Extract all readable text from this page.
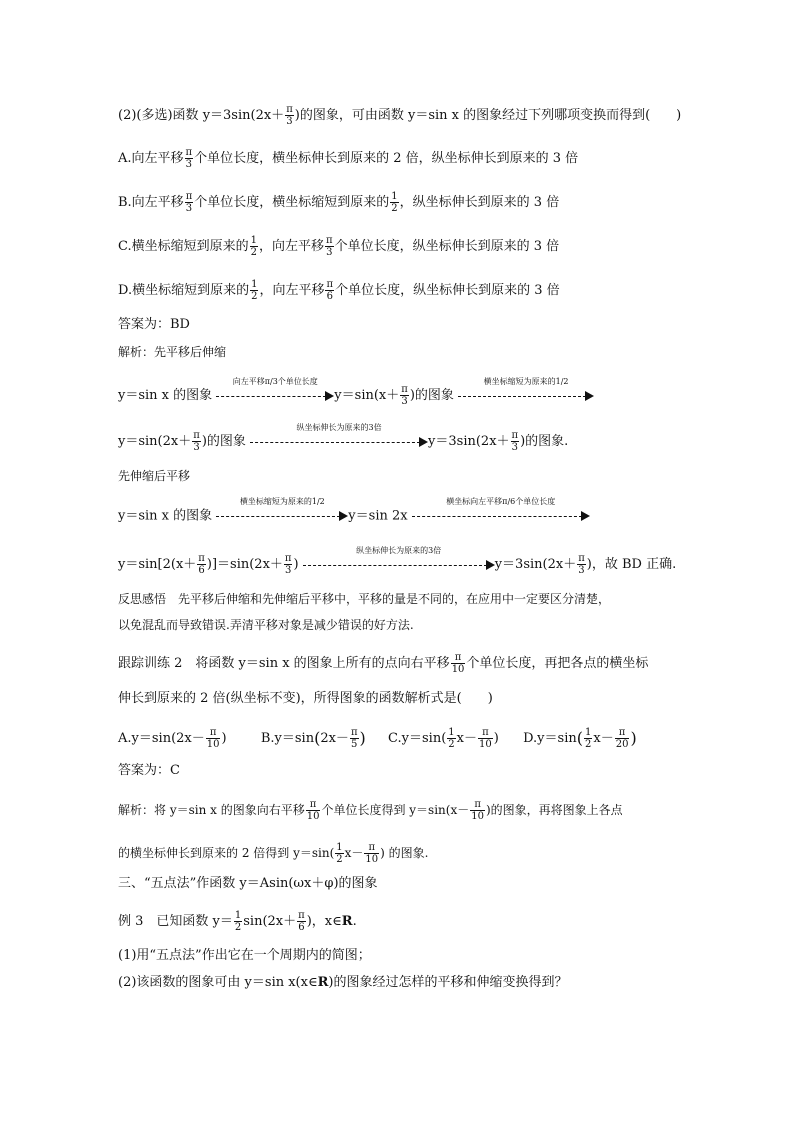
(2)(多选)函数 $y=3\sin(2x+ \frac{\pi}{3}$ )的图象，可由函数 y＝sin x 的图象经过下列哪项变换而得到(　　)
A.向左平移 $\frac{\pi}{3}$ 个单位长度，横坐标伸长到原来的 2 倍，纵坐标伸长到原来的 3 倍
B.向左平移 $\frac{\pi}{3}$ 个单位长度，横坐标缩短到原来的 $\frac{1}{2}$ ，纵坐标伸长到原来的 3 倍
C.横坐标缩短到原来的 $\frac{1}{2}$ ，向左平移 $\frac{\pi}{3}$ 个单位长度，纵坐标伸长到原来的 3 倍
D.横坐标缩短到原来的 $\frac{1}{2}$ ，向左平移 $\frac{\pi}{6}$ 个单位长度，纵坐标伸长到原来的 3 倍
答案为：BD
解析：先平移后伸缩
y＝sin x 的图象
向左平移π/3个单位长度
$y=\sin(x+ \frac{\pi}{3}$ )的图象
横坐标缩短为原来的1/2
$y=\sin(2x+ \frac{\pi}{3}$ )的图象
纵坐标伸长为原来的3倍
$y=3\sin(2x+ \frac{\pi}{3}$ )的图象.
先伸缩后平移
y＝sin x 的图象
横坐标缩短为原来的1/2
y＝sin 2x
横坐标向左平移π/6个单位长度
$y=\sin[2(x+ \frac{\pi}{6} )]=\sin(2x+ \frac{\pi}{3}$ )
纵坐标伸长为原来的3倍
$y=3\sin(2x+ \frac{\pi}{3}$ )，故 BD 正确.
反思感悟　先平移后伸缩和先伸缩后平移中，平移的量是不同的，在应用中一定要区分清楚，
以免混乱而导致错误.弄清平移对象是减少错误的好方法.
跟踪训练 2　将函数 y＝sin x 的图象上所有的点向右平移 $\frac{\pi}{10}$ 个单位长度，再把各点的横坐标
伸长到原来的 2 倍(纵坐标不变)，所得图象的函数解析式是(　　)
$A.y=\sin(2x- \frac{\pi}{10}$ )	$B.y=\sin(2x- \frac{\pi}{5}$ ) $C.y=\sin( \frac{1}{2} x- \frac{\pi}{10}$ ) $D.y=\sin( \frac{1}{2} x- \frac{\pi}{20}$ )
答案为：C
解析：将 y＝sin x 的图象向右平移 $\frac{\pi}{10}$ 个单位长度得到 $y=\sin(x- \frac{\pi}{10}$ )的图象，再将图象上各点
的横坐标伸长到原来的 2 倍得到 $y=\sin( \frac{1}{2} x- \frac{\pi}{10}$ ) 的图象.
三、“五点法”作函数 y＝Asin(ωx＋φ)的图象
例 3　已知函数 $y= \frac{1}{2} \sin(2x+ \frac{\pi}{6}$ )，x∈R.
(1)用“五点法”作出它在一个周期内的简图；
(2)该函数的图象可由 y＝sin x(x∈R)的图象经过怎样的平移和伸缩变换得到？
